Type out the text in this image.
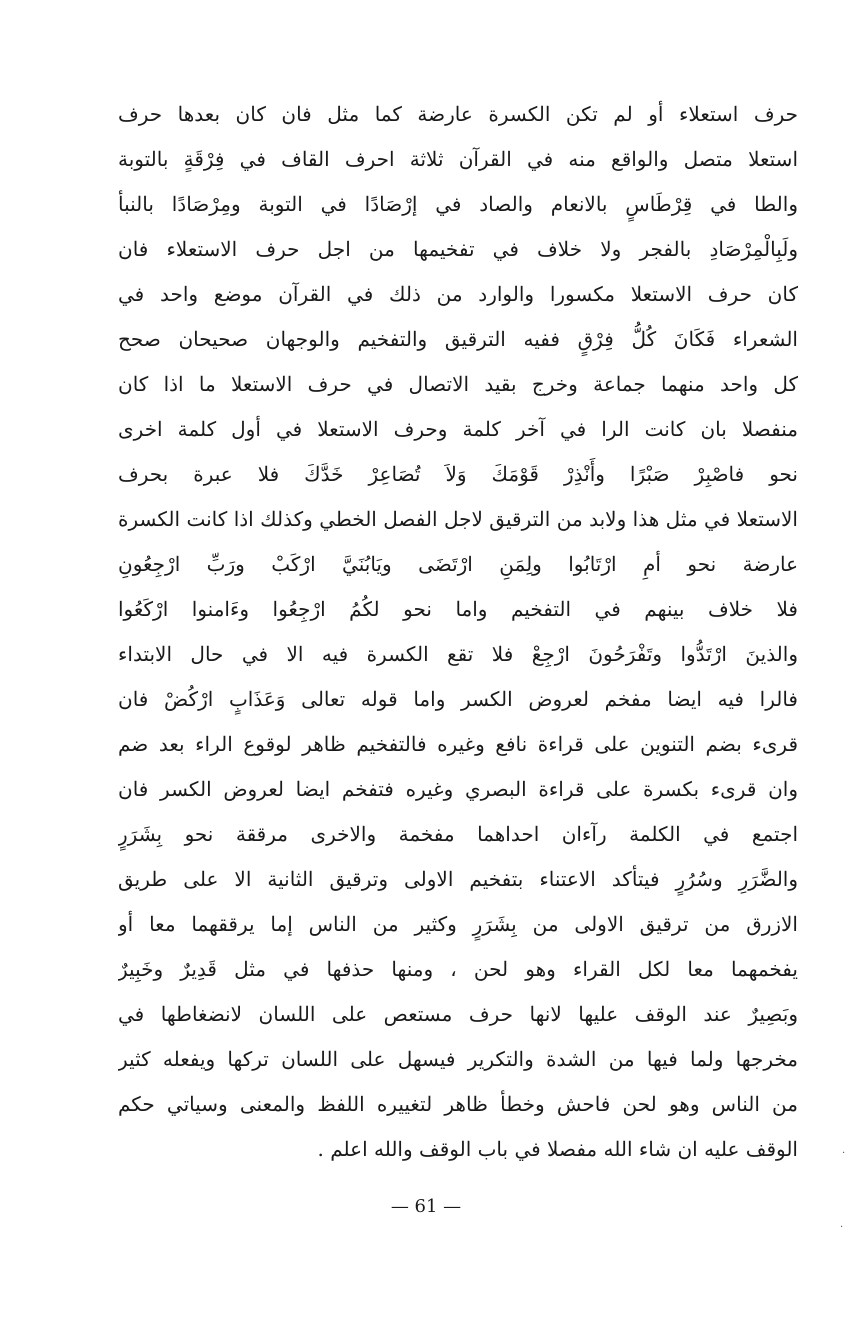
حرف استعلاء أو لم تكن الكسرة عارضة كما مثل فان كان بعدها حرف
استعلا متصل والواقع منه في القرآن ثلاثة احرف القاف في فِرْقَةٍ بالتوبة
والطا في قِرْطَاسٍ بالانعام والصاد في إرْصَادًا في التوبة ومِرْصَادًا بالنبأ
ولَبِالْمِرْصَادِ بالفجر ولا خلاف في تفخيمها من اجل حرف الاستعلاء فان
كان حرف الاستعلا مكسورا والوارد من ذلك في القرآن موضع واحد في
الشعراء فَكَانَ كُلُّ فِرْقٍ ففيه الترقيق والتفخيم والوجهان صحيحان صحح
كل واحد منهما جماعة وخرج بقيد الاتصال في حرف الاستعلا ما اذا كان
منفصلا بان كانت الرا في آخر كلمة وحرف الاستعلا في أول كلمة اخرى
نحو فاصْبِرْ صَبْرًا وأَنْذِرْ قَوْمَكَ وَلاَ تُصَاعِرْ خَدَّكَ فلا عبرة بحرف
الاستعلا في مثل هذا ولابد من الترقيق لاجل الفصل الخطي وكذلك اذا كانت الكسرة
عارضة نحو أمِ ارْتَابُوا ولِمَنِ ارْتَضَى ويَابُنَيَّ ارْكَبْ ورَبِّ ارْجِعُونِ
فلا خلاف بينهم في التفخيم واما نحو لكُمُ ارْجِعُوا وءَامنوا ارْكَعُوا
والذينَ ارْتَدُّوا وتَفْرَحُونَ ارْجِعْ فلا تقع الكسرة فيه الا في حال الابتداء
فالرا فيه ايضا مفخم لعروض الكسر واما قوله تعالى وَعَذَابٍ ارْكُضْ فان
قرىء بضم التنوين على قراءة نافع وغيره فالتفخيم ظاهر لوقوع الراء بعد ضم
وان قرىء بكسرة على قراءة البصري وغيره فتفخم ايضا لعروض الكسر فان
اجتمع في الكلمة رآءان احداهما مفخمة والاخرى مرققة نحو بِشَرَرٍ
والضَّرَرِ وسُرُرٍ فيتأكد الاعتناء بتفخيم الاولى وترقيق الثانية الا على طريق
الازرق من ترقيق الاولى من بِشَرَرٍ وكثير من الناس إما يرققهما معا أو
يفخمهما معا لكل القراء وهو لحن ، ومنها حذفها في مثل قَدِيرٌ وخَبِيرٌ
وبَصِيرٌ عند الوقف عليها لانها حرف مستعص على اللسان لانضغاطها في
مخرجها ولما فيها من الشدة والتكرير فيسهل على اللسان تركها ويفعله كثير
من الناس وهو لحن فاحش وخطأ ظاهر لتغييره اللفظ والمعنى وسياتي حكم
الوقف عليه ان شاء الله مفصلا في باب الوقف والله اعلم .
— 61 —
·
·
